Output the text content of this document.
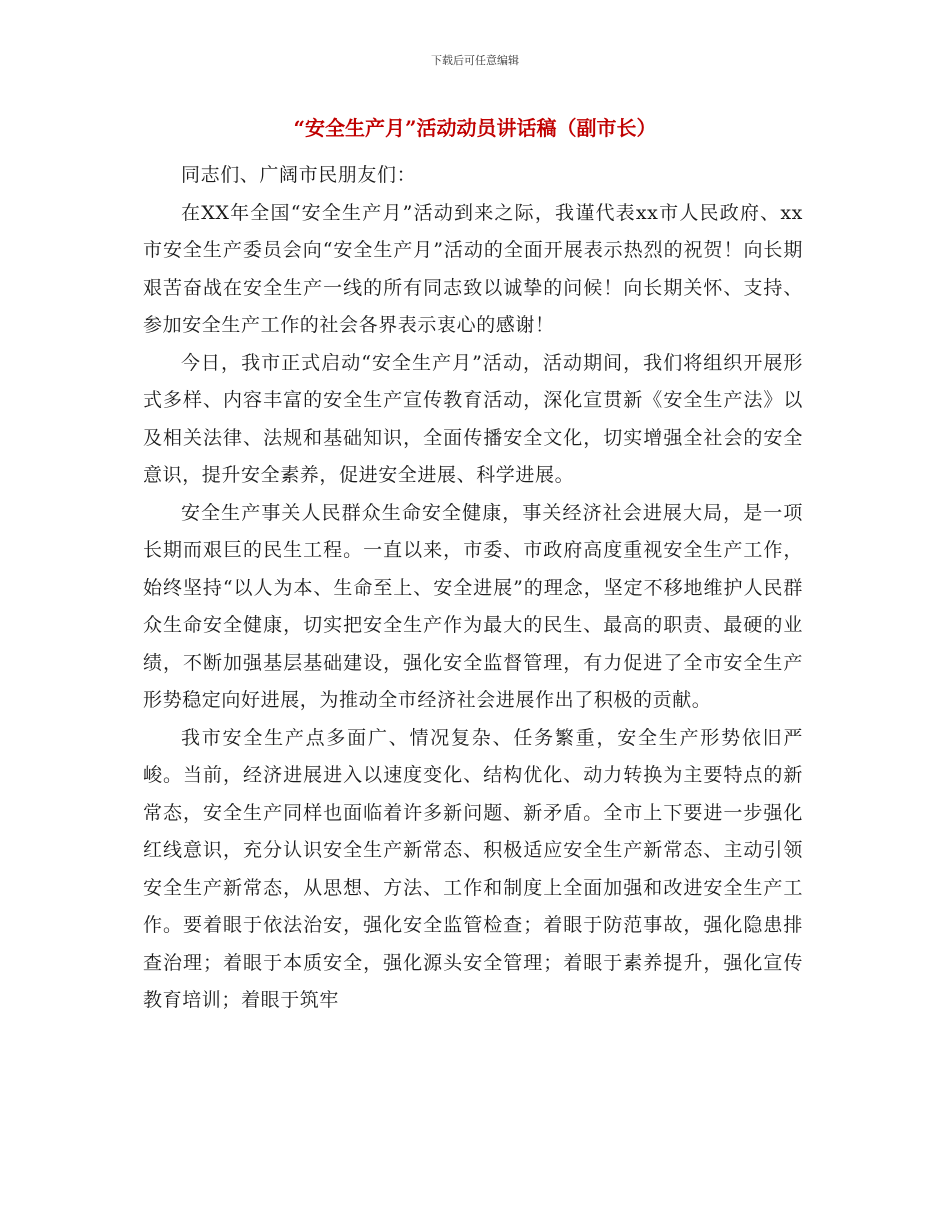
下载后可任意编辑
“安全生产月”活动动员讲话稿（副市长）

同志们、广阔市民朋友们：

在XX年全国“安全生产月”活动到来之际，我谨代表xx市人民政府、xx市安全生产委员会向“安全生产月”活动的全面开展表示热烈的祝贺！向长期艰苦奋战在安全生产一线的所有同志致以诚挚的问候！向长期关怀、支持、参加安全生产工作的社会各界表示衷心的感谢！

今日，我市正式启动“安全生产月”活动，活动期间，我们将组织开展形式多样、内容丰富的安全生产宣传教育活动，深化宣贯新《安全生产法》以及相关法律、法规和基础知识，全面传播安全文化，切实增强全社会的安全意识，提升安全素养，促进安全进展、科学进展。

安全生产事关人民群众生命安全健康，事关经济社会进展大局，是一项长期而艰巨的民生工程。一直以来，市委、市政府高度重视安全生产工作，始终坚持“以人为本、生命至上、安全进展”的理念，坚定不移地维护人民群众生命安全健康，切实把安全生产作为最大的民生、最高的职责、最硬的业绩，不断加强基层基础建设，强化安全监督管理，有力促进了全市安全生产形势稳定向好进展，为推动全市经济社会进展作出了积极的贡献。

我市安全生产点多面广、情况复杂、任务繁重，安全生产形势依旧严峻。当前，经济进展进入以速度变化、结构优化、动力转换为主要特点的新常态，安全生产同样也面临着许多新问题、新矛盾。全市上下要进一步强化红线意识，充分认识安全生产新常态、积极适应安全生产新常态、主动引领安全生产新常态，从思想、方法、工作和制度上全面加强和改进安全生产工作。要着眼于依法治安，强化安全监管检查；着眼于防范事故，强化隐患排查治理；着眼于本质安全，强化源头安全管理；着眼于素养提升，强化宣传教育培训；着眼于筑牢
